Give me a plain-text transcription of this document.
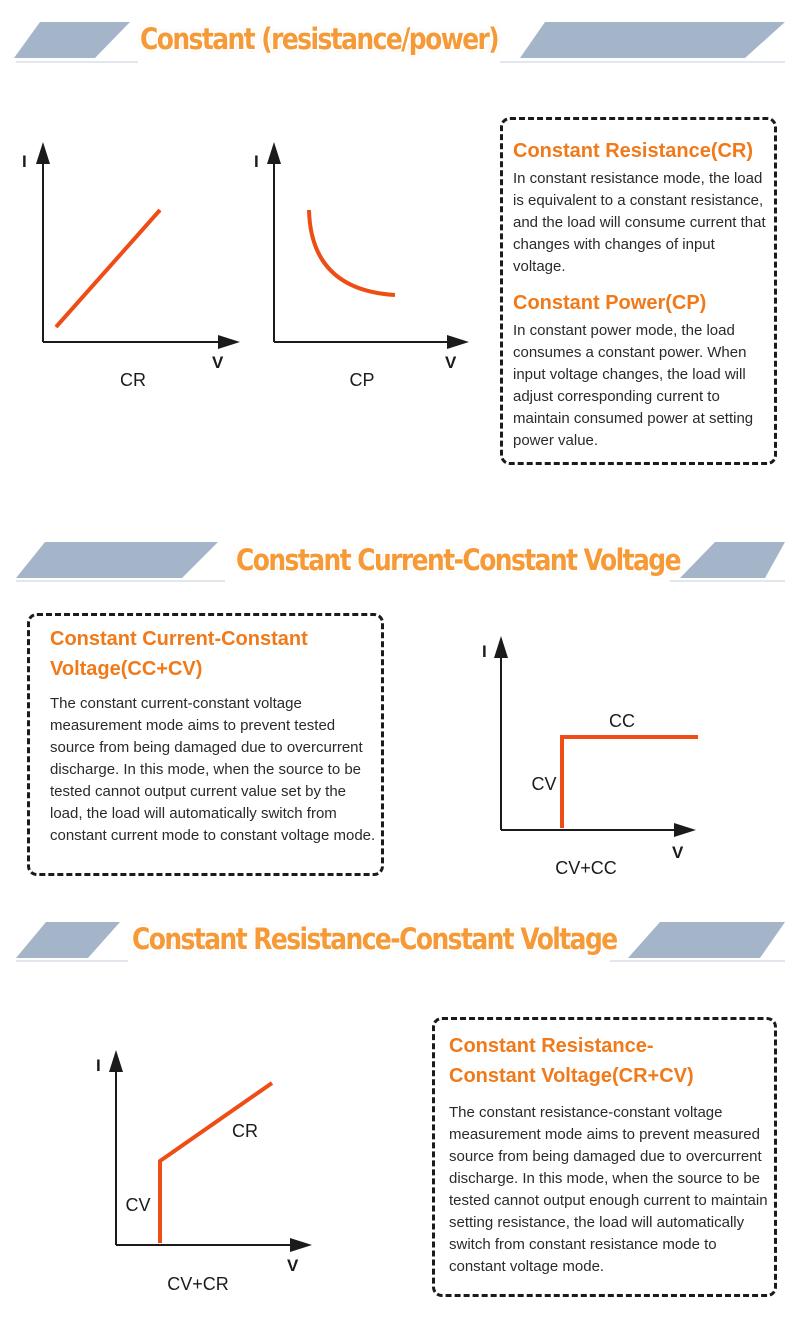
Constant (resistance/power)
I
V
CR
I
V
CP
Constant Resistance(CR)
In constant resistance mode, the load is equivalent to a constant resistance, and the load will consume current that changes with changes of input voltage.
Constant Power(CP)
In constant power mode, the load consumes a constant power. When input voltage changes, the load will adjust corresponding current to maintain consumed power at setting power value.
Constant Current-Constant Voltage
Constant Current-Constant
Voltage(CC+CV)
The constant current-constant voltage measurement mode aims to prevent tested source from being damaged due to overcurrent discharge. In this mode, when the source to be tested cannot output current value set by the load, the load will automatically switch from constant current mode to constant voltage mode.
I
V
CC
CV
CV+CC
Constant Resistance-Constant Voltage
I
V
CR
CV
CV+CR
Constant Resistance-
Constant Voltage(CR+CV)
The constant resistance-constant voltage measurement mode aims to prevent measured source from being damaged due to overcurrent discharge. In this mode, when the source to be tested cannot output enough current to maintain setting resistance, the load will automatically switch from constant resistance mode to constant voltage mode.
